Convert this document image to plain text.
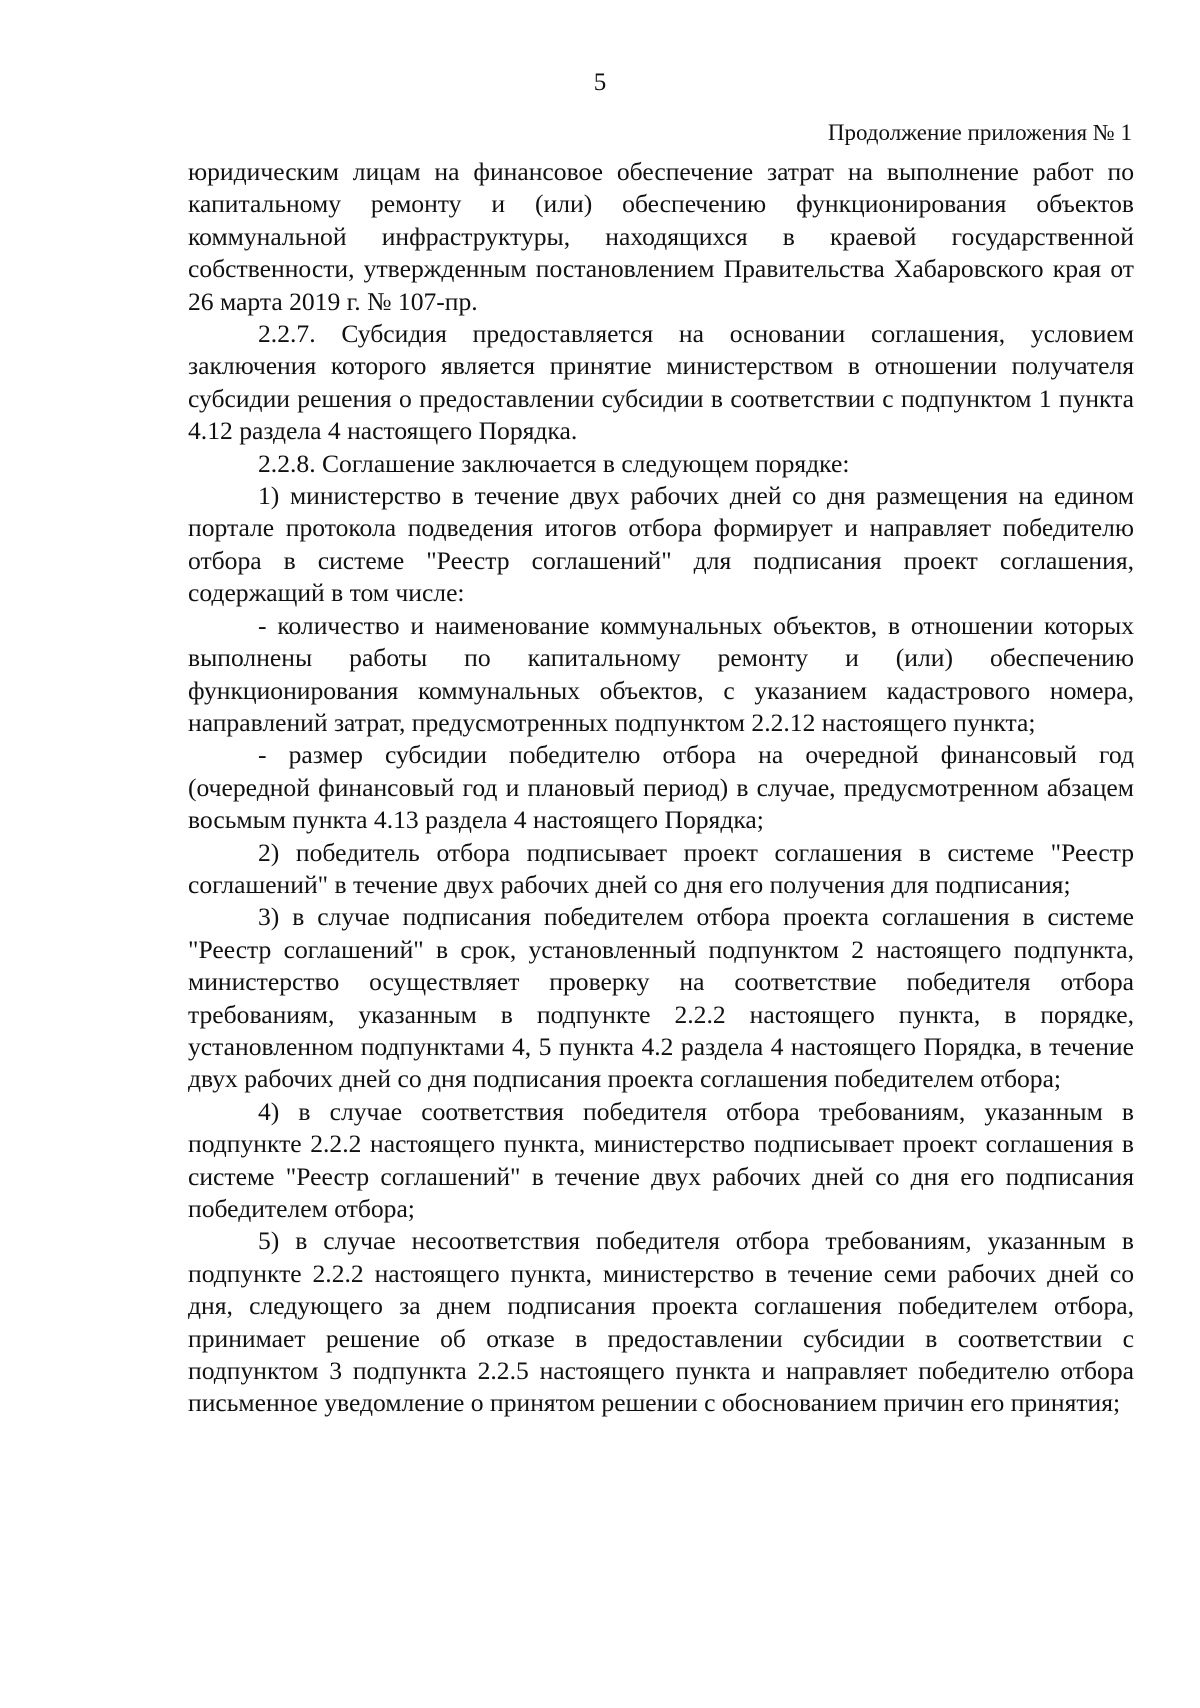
5
Продолжение приложения № 1

юридическим лицам на финансовое обеспечение затрат на выполнение работ по капитальному ремонту и (или) обеспечению функционирования объектов коммунальной инфраструктуры, находящихся в краевой государственной собственности, утвержденным постановлением Правительства Хабаровского края от 26 марта 2019 г. № 107-пр.

2.2.7. Субсидия предоставляется на основании соглашения, условием заключения которого является принятие министерством в отношении получателя субсидии решения о предоставлении субсидии в соответствии с подпунктом 1 пункта 4.12 раздела 4 настоящего Порядка.

2.2.8. Соглашение заключается в следующем порядке:

1) министерство в течение двух рабочих дней со дня размещения на едином портале протокола подведения итогов отбора формирует и направляет победителю отбора в системе "Реестр соглашений" для подписания проект соглашения, содержащий в том числе:

- количество и наименование коммунальных объектов, в отношении которых выполнены работы по капитальному ремонту и (или) обеспечению функционирования коммунальных объектов, с указанием кадастрового номера, направлений затрат, предусмотренных подпунктом 2.2.12 настоящего пункта;

- размер субсидии победителю отбора на очередной финансовый год (очередной финансовый год и плановый период) в случае, предусмотренном абзацем восьмым пункта 4.13 раздела 4 настоящего Порядка;

2) победитель отбора подписывает проект соглашения в системе "Реестр соглашений" в течение двух рабочих дней со дня его получения для подписания;

3) в случае подписания победителем отбора проекта соглашения в системе "Реестр соглашений" в срок, установленный подпунктом 2 настоящего подпункта, министерство осуществляет проверку на соответствие победителя отбора требованиям, указанным в подпункте 2.2.2 настоящего пункта, в порядке, установленном подпунктами 4, 5 пункта 4.2 раздела 4 настоящего Порядка, в течение двух рабочих дней со дня подписания проекта соглашения победителем отбора;

4) в случае соответствия победителя отбора требованиям, указанным в подпункте 2.2.2 настоящего пункта, министерство подписывает проект соглашения в системе "Реестр соглашений" в течение двух рабочих дней со дня его подписания победителем отбора;

5) в случае несоответствия победителя отбора требованиям, указанным в подпункте 2.2.2 настоящего пункта, министерство в течение семи рабочих дней со дня, следующего за днем подписания проекта соглашения победителем отбора, принимает решение об отказе в предоставлении субсидии в соответствии с подпунктом 3 подпункта 2.2.5 настоящего пункта и направляет победителю отбора письменное уведомление о принятом решении с обоснованием причин его принятия;
